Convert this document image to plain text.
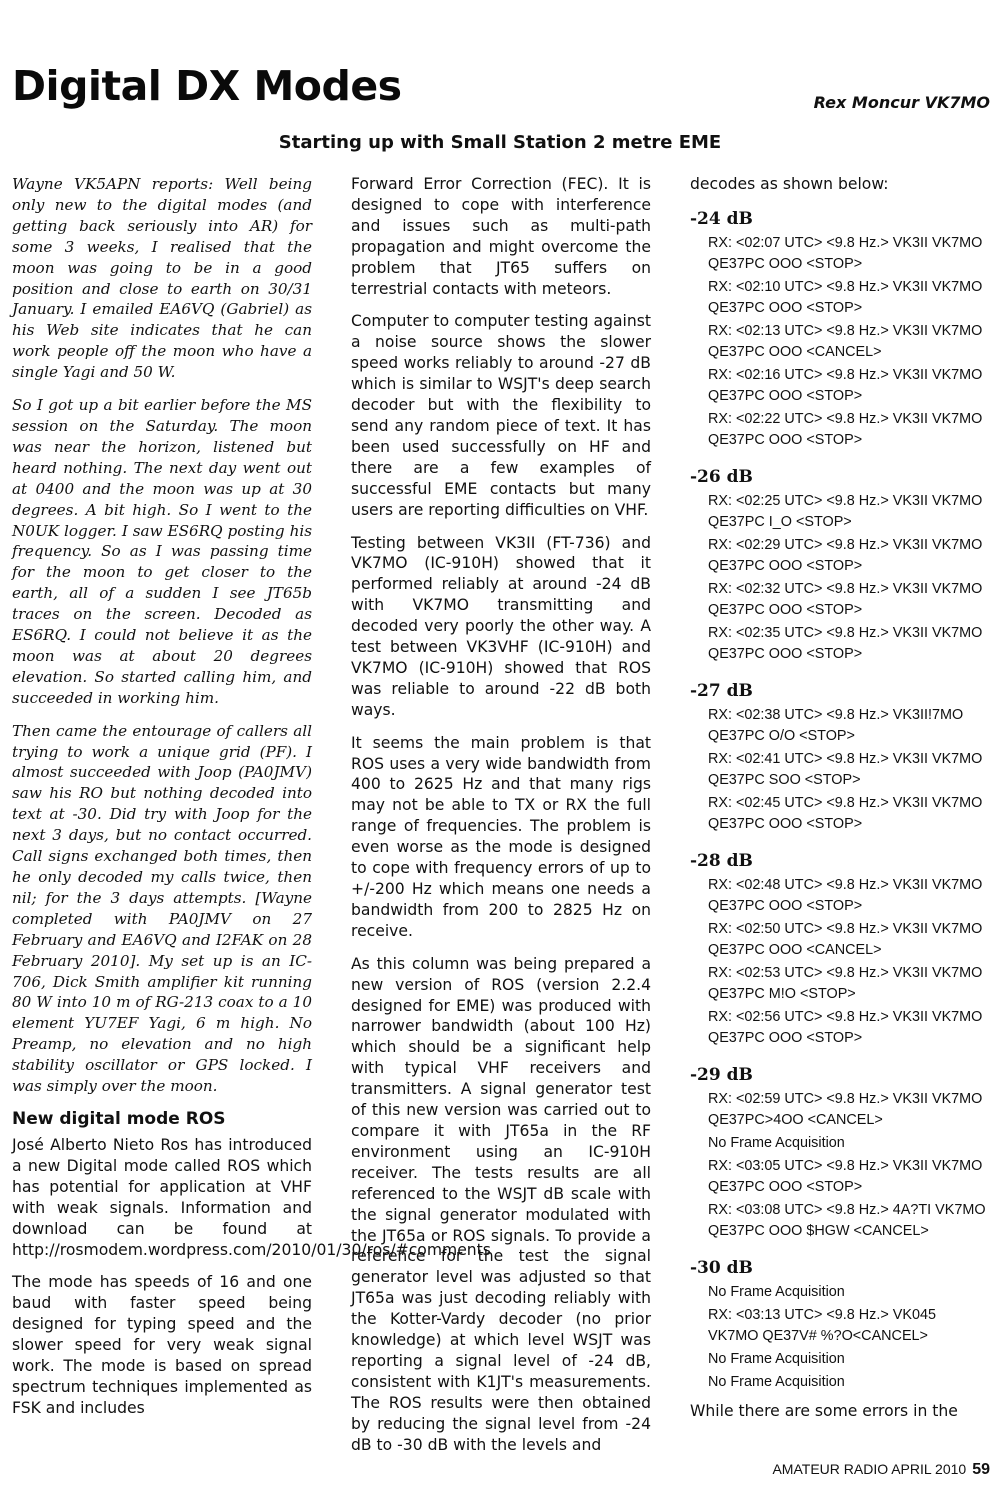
Digital DX Modes	Rex Moncur VK7MO
Starting up with Small Station 2 metre EME

Wayne VK5APN reports: Well being only new to the digital modes (and getting back seriously into AR) for some 3 weeks, I realised that the moon was going to be in a good position and close to earth on 30/31 January. I emailed EA6VQ (Gabriel) as his Web site indicates that he can work people off the moon who have a single Yagi and 50 W.

So I got up a bit earlier before the MS session on the Saturday. The moon was near the horizon, listened but heard nothing. The next day went out at 0400 and the moon was up at 30 degrees. A bit high. So I went to the N0UK logger. I saw ES6RQ posting his frequency. So as I was passing time for the moon to get closer to the earth, all of a sudden I see JT65b traces on the screen. Decoded as ES6RQ. I could not believe it as the moon was at about 20 degrees elevation. So started calling him, and succeeded in working him.

Then came the entourage of callers all trying to work a unique grid (PF). I almost succeeded with Joop (PA0JMV) saw his RO but nothing decoded into text at -30. Did try with Joop for the next 3 days, but no contact occurred. Call signs exchanged both times, then he only decoded my calls twice, then nil; for the 3 days attempts. [Wayne completed with PA0JMV on 27 February and EA6VQ and I2FAK on 28 February 2010]. My set up is an IC-706, Dick Smith amplifier kit running 80 W into 10 m of RG-213 coax to a 10 element YU7EF Yagi, 6 m high. No Preamp, no elevation and no high stability oscillator or GPS locked. I was simply over the moon.

New digital mode ROS

José Alberto Nieto Ros has introduced a new Digital mode called ROS which has potential for application at VHF with weak signals. Information and download can be found at http://rosmodem.wordpress.com/2010/01/30/ros/#comments

The mode has speeds of 16 and one baud with faster speed being designed for typing speed and the slower speed for very weak signal work. The mode is based on spread spectrum techniques implemented as FSK and includes

Forward Error Correction (FEC). It is designed to cope with interference and issues such as multi-path propagation and might overcome the problem that JT65 suffers on terrestrial contacts with meteors.

Computer to computer testing against a noise source shows the slower speed works reliably to around -27 dB which is similar to WSJT's deep search decoder but with the flexibility to send any random piece of text. It has been used successfully on HF and there are a few examples of successful EME contacts but many users are reporting difficulties on VHF.

Testing between VK3II (FT-736) and VK7MO (IC-910H) showed that it performed reliably at around -24 dB with VK7MO transmitting and decoded very poorly the other way. A test between VK3VHF (IC-910H) and VK7MO (IC-910H) showed that ROS was reliable to around -22 dB both ways.

It seems the main problem is that ROS uses a very wide bandwidth from 400 to 2625 Hz and that many rigs may not be able to TX or RX the full range of frequencies. The problem is even worse as the mode is designed to cope with frequency errors of up to +/-200 Hz which means one needs a bandwidth from 200 to 2825 Hz on receive.

As this column was being prepared a new version of ROS (version 2.2.4 designed for EME) was produced with narrower bandwidth (about 100 Hz) which should be a significant help with typical VHF receivers and transmitters. A signal generator test of this new version was carried out to compare it with JT65a in the RF environment using an IC-910H receiver. The tests results are all referenced to the WSJT dB scale with the signal generator modulated with the JT65a or ROS signals. To provide a reference for the test the signal generator level was adjusted so that JT65a was just decoding reliably with the Kotter-Vardy decoder (no prior knowledge) at which level WSJT was reporting a signal level of -24 dB, consistent with K1JT's measurements. The ROS results were then obtained by reducing the signal level from -24 dB to -30 dB with the levels and

decodes as shown below:

-24 dB
RX: <02:07 UTC> <9.8 Hz.> VK3II VK7MO QE37PC OOO <STOP>
RX: <02:10 UTC> <9.8 Hz.> VK3II VK7MO QE37PC OOO <STOP>
RX: <02:13 UTC> <9.8 Hz.> VK3II VK7MO QE37PC OOO <CANCEL>
RX: <02:16 UTC> <9.8 Hz.> VK3II VK7MO QE37PC OOO <STOP>
RX: <02:22 UTC> <9.8 Hz.> VK3II VK7MO QE37PC OOO <STOP>
-26 dB
RX: <02:25 UTC> <9.8 Hz.> VK3II VK7MO QE37PC I_O <STOP>
RX: <02:29 UTC> <9.8 Hz.> VK3II VK7MO QE37PC OOO <STOP>
RX: <02:32 UTC> <9.8 Hz.> VK3II VK7MO QE37PC OOO <STOP>
RX: <02:35 UTC> <9.8 Hz.> VK3II VK7MO QE37PC OOO <STOP>
-27 dB
RX: <02:38 UTC> <9.8 Hz.> VK3II!7MO QE37PC O/O <STOP>
RX: <02:41 UTC> <9.8 Hz.> VK3II VK7MO QE37PC SOO <STOP>
RX: <02:45 UTC> <9.8 Hz.> VK3II VK7MO QE37PC OOO <STOP>
-28 dB
RX: <02:48 UTC> <9.8 Hz.> VK3II VK7MO QE37PC OOO <STOP>
RX: <02:50 UTC> <9.8 Hz.> VK3II VK7MO QE37PC OOO <CANCEL>
RX: <02:53 UTC> <9.8 Hz.> VK3II VK7MO QE37PC M!O <STOP>
RX: <02:56 UTC> <9.8 Hz.> VK3II VK7MO QE37PC OOO <STOP>
-29 dB
RX: <02:59 UTC> <9.8 Hz.> VK3II VK7MO QE37PC>4OO <CANCEL>
No Frame Acquisition
RX: <03:05 UTC> <9.8 Hz.> VK3II VK7MO QE37PC OOO <STOP>
RX: <03:08 UTC> <9.8 Hz.> 4A?TI VK7MO QE37PC OOO $HGW <CANCEL>
-30 dB
No Frame Acquisition
RX: <03:13 UTC> <9.8 Hz.> VK045 VK7MO QE37V# %?O<CANCEL>
No Frame Acquisition
No Frame Acquisition

While there are some errors in the

AMATEUR RADIO APRIL 2010 59
